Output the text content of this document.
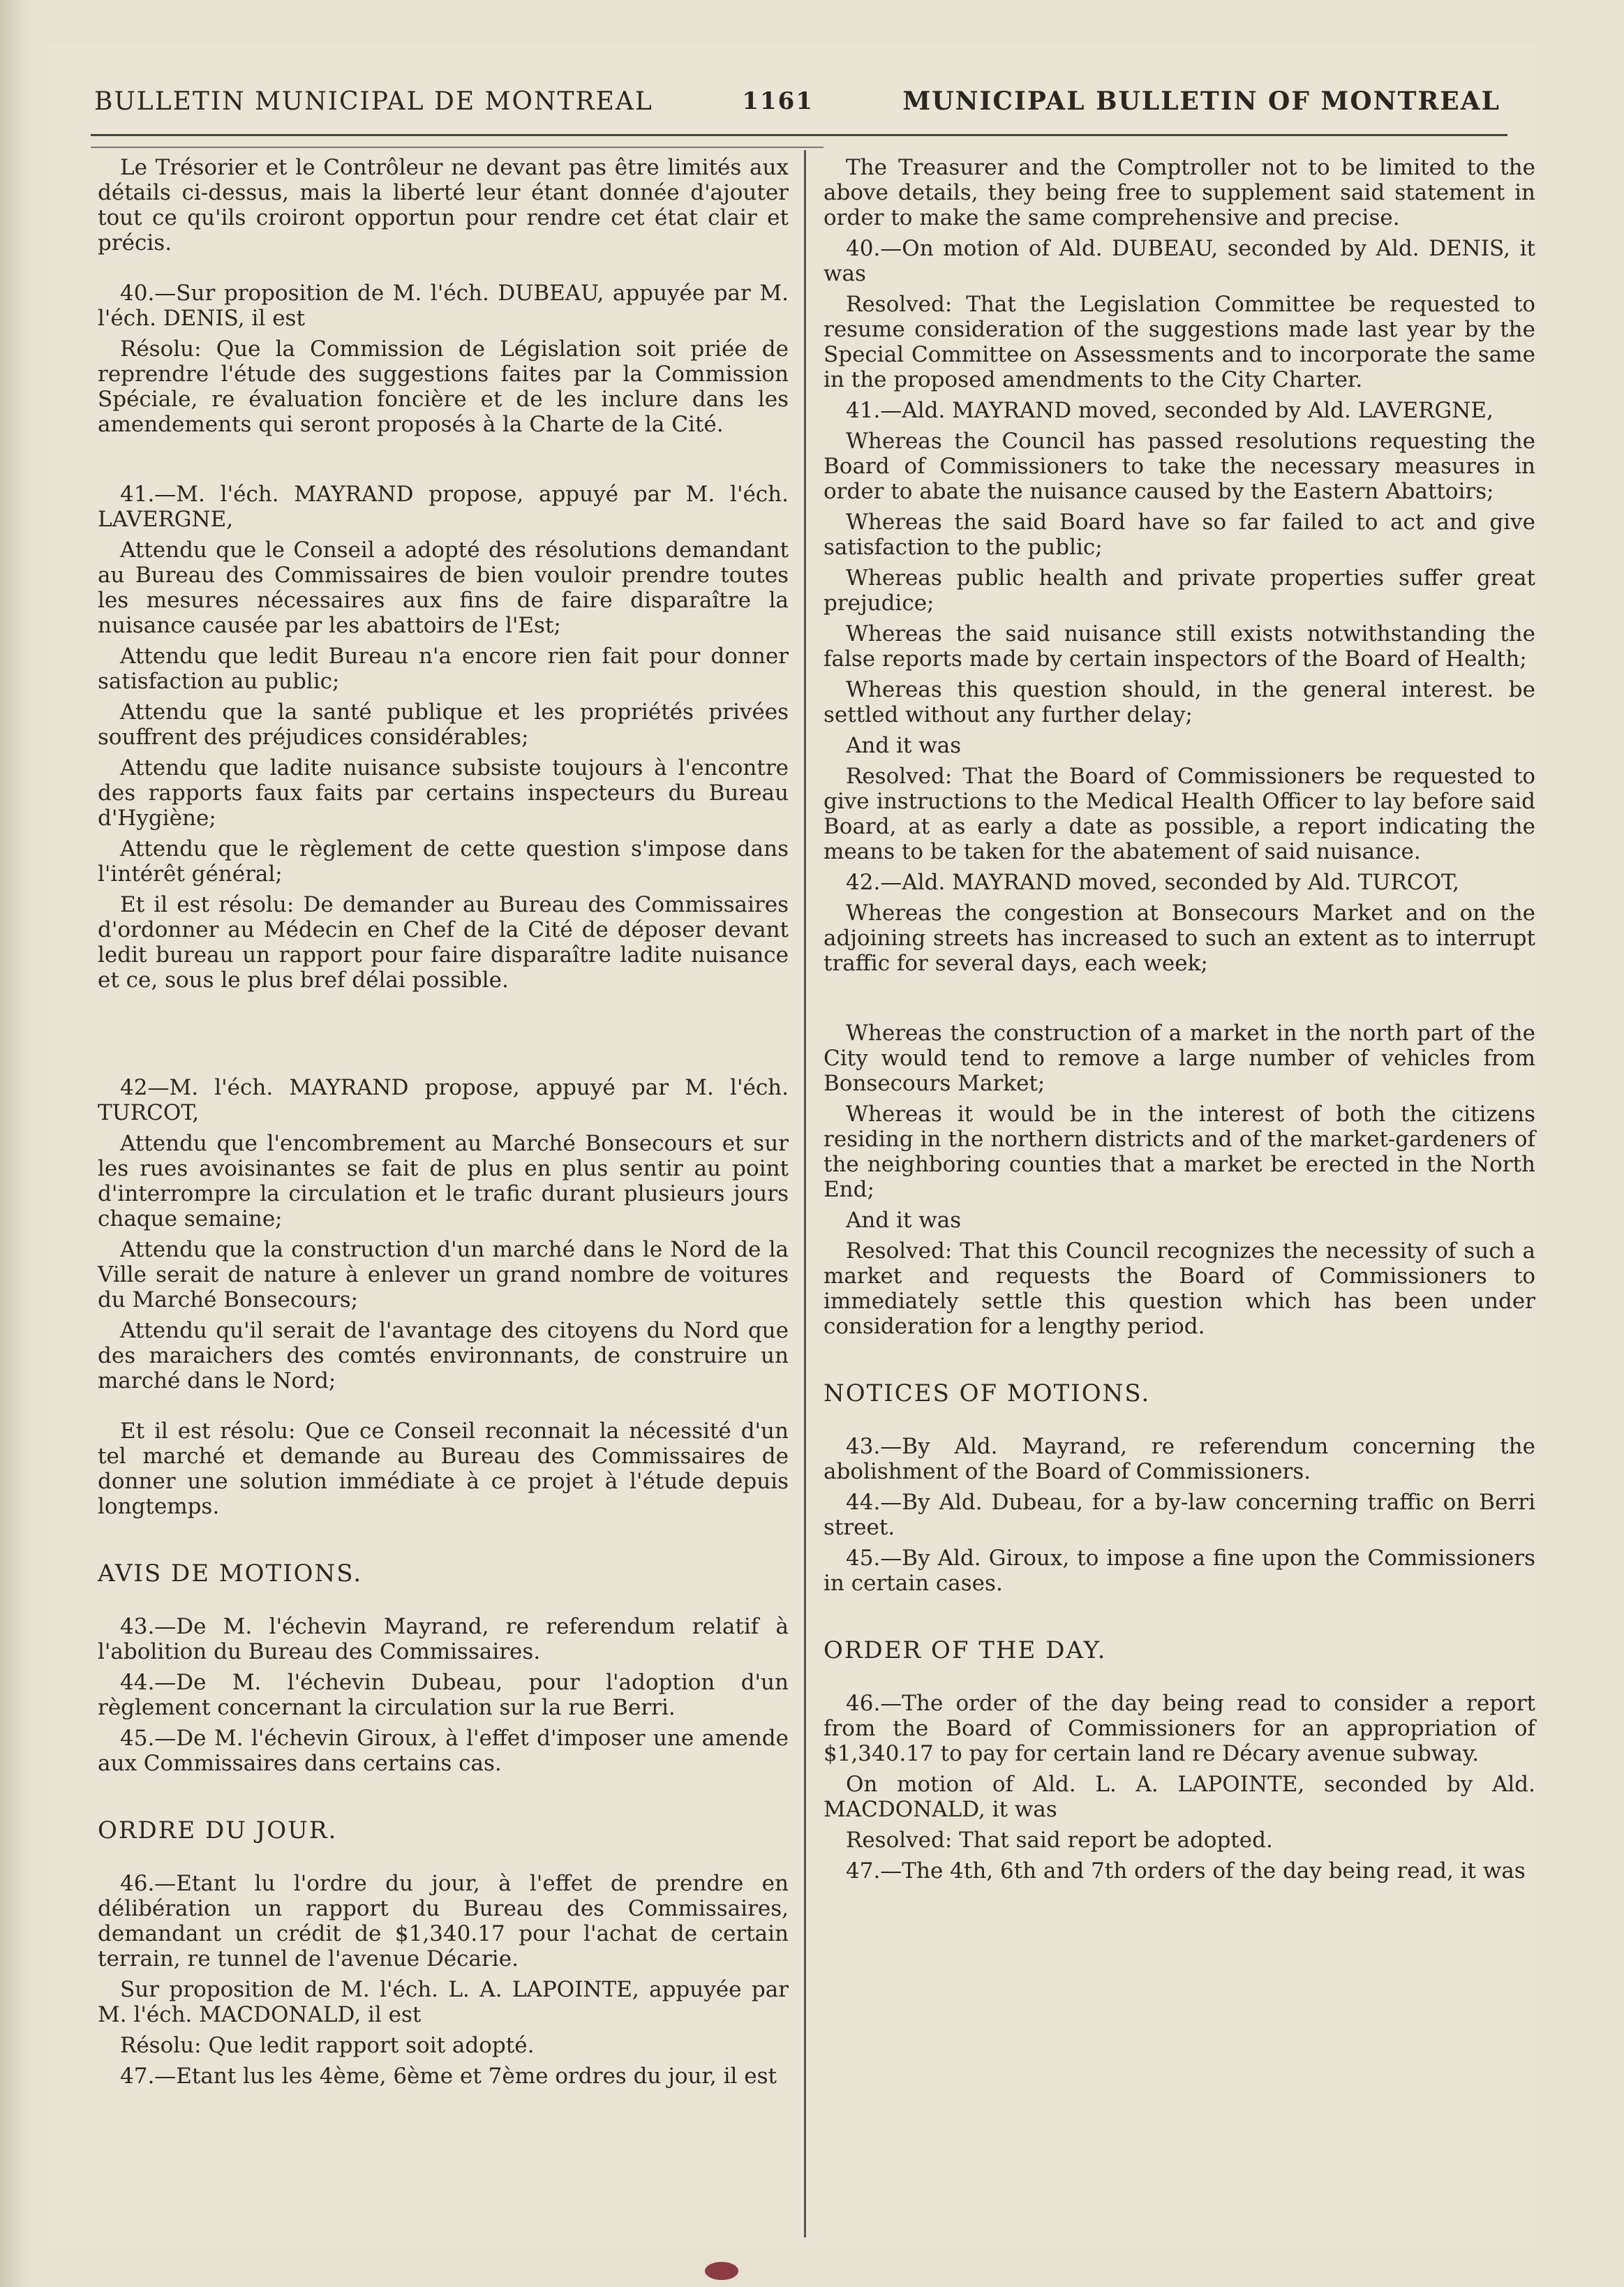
BULLETIN MUNICIPAL DE MONTREAL	1161	MUNICIPAL BULLETIN OF MONTREAL

Le Trésorier et le Contrôleur ne devant pas être limités aux détails ci-dessus, mais la liberté leur étant donnée d'ajouter tout ce qu'ils croiront opportun pour rendre cet état clair et précis.

40.—Sur proposition de M. l'éch. DUBEAU, appuyée par M. l'éch. DENIS, il est

Résolu: Que la Commission de Législation soit priée de reprendre l'étude des suggestions faites par la Commission Spéciale, re évaluation foncière et de les inclure dans les amendements qui seront proposés à la Charte de la Cité.

41.—M. l'éch. MAYRAND propose, appuyé par M. l'éch. LAVERGNE,

Attendu que le Conseil a adopté des résolutions demandant au Bureau des Commissaires de bien vouloir prendre toutes les mesures nécessaires aux fins de faire disparaître la nuisance causée par les abattoirs de l'Est;

Attendu que ledit Bureau n'a encore rien fait pour donner satisfaction au public;

Attendu que la santé publique et les propriétés privées souffrent des préjudices considérables;

Attendu que ladite nuisance subsiste toujours à l'encontre des rapports faux faits par certains inspecteurs du Bureau d'Hygiène;

Attendu que le règlement de cette question s'impose dans l'intérêt général;

Et il est résolu: De demander au Bureau des Commissaires d'ordonner au Médecin en Chef de la Cité de déposer devant ledit bureau un rapport pour faire disparaître ladite nuisance et ce, sous le plus bref délai possible.

42—M. l'éch. MAYRAND propose, appuyé par M. l'éch. TURCOT,

Attendu que l'encombrement au Marché Bonsecours et sur les rues avoisinantes se fait de plus en plus sentir au point d'interrompre la circulation et le trafic durant plusieurs jours chaque semaine;

Attendu que la construction d'un marché dans le Nord de la Ville serait de nature à enlever un grand nombre de voitures du Marché Bonsecours;

Attendu qu'il serait de l'avantage des citoyens du Nord que des maraichers des comtés environnants, de construire un marché dans le Nord;

Et il est résolu: Que ce Conseil reconnait la nécessité d'un tel marché et demande au Bureau des Commissaires de donner une solution immédiate à ce projet à l'étude depuis longtemps.

AVIS DE MOTIONS.

43.—De M. l'échevin Mayrand, re referendum relatif à l'abolition du Bureau des Commissaires.

44.—De M. l'échevin Dubeau, pour l'adoption d'un règlement concernant la circulation sur la rue Berri.

45.—De M. l'échevin Giroux, à l'effet d'imposer une amende aux Commissaires dans certains cas.

ORDRE DU JOUR.

46.—Etant lu l'ordre du jour, à l'effet de prendre en délibération un rapport du Bureau des Commissaires, demandant un crédit de $1,340.17 pour l'achat de certain terrain, re tunnel de l'avenue Décarie.

Sur proposition de M. l'éch. L. A. LAPOINTE, appuyée par M. l'éch. MACDONALD, il est

Résolu: Que ledit rapport soit adopté.

47.—Etant lus les 4ème, 6ème et 7ème ordres du jour, il est

The Treasurer and the Comptroller not to be limited to the above details, they being free to supplement said statement in order to make the same comprehensive and precise.

40.—On motion of Ald. DUBEAU, seconded by Ald. DENIS, it was

Resolved: That the Legislation Committee be requested to resume consideration of the suggestions made last year by the Special Committee on Assessments and to incorporate the same in the proposed amendments to the City Charter.

41.—Ald. MAYRAND moved, seconded by Ald. LAVERGNE,

Whereas the Council has passed resolutions requesting the Board of Commissioners to take the necessary measures in order to abate the nuisance caused by the Eastern Abattoirs;

Whereas the said Board have so far failed to act and give satisfaction to the public;

Whereas public health and private properties suffer great prejudice;

Whereas the said nuisance still exists notwithstanding the false reports made by certain inspectors of the Board of Health;

Whereas this question should, in the general interest. be settled without any further delay;

And it was

Resolved: That the Board of Commissioners be requested to give instructions to the Medical Health Officer to lay before said Board, at as early a date as possible, a report indicating the means to be taken for the abatement of said nuisance.

42.—Ald. MAYRAND moved, seconded by Ald. TURCOT,

Whereas the congestion at Bonsecours Market and on the adjoining streets has increased to such an extent as to interrupt traffic for several days, each week;

Whereas the construction of a market in the north part of the City would tend to remove a large number of vehicles from Bonsecours Market;

Whereas it would be in the interest of both the citizens residing in the northern districts and of the market-gardeners of the neighboring counties that a market be erected in the North End;

And it was

Resolved: That this Council recognizes the necessity of such a market and requests the Board of Commissioners to immediately settle this question which has been under consideration for a lengthy period.

NOTICES OF MOTIONS.

43.—By Ald. Mayrand, re referendum concerning the abolishment of the Board of Commissioners.

44.—By Ald. Dubeau, for a by-law concerning traffic on Berri street.

45.—By Ald. Giroux, to impose a fine upon the Commissioners in certain cases.

ORDER OF THE DAY.

46.—The order of the day being read to consider a report from the Board of Commissioners for an appropriation of $1,340.17 to pay for certain land re Décary avenue subway.

On motion of Ald. L. A. LAPOINTE, seconded by Ald. MACDONALD, it was

Resolved: That said report be adopted.

47.—The 4th, 6th and 7th orders of the day being read, it was
